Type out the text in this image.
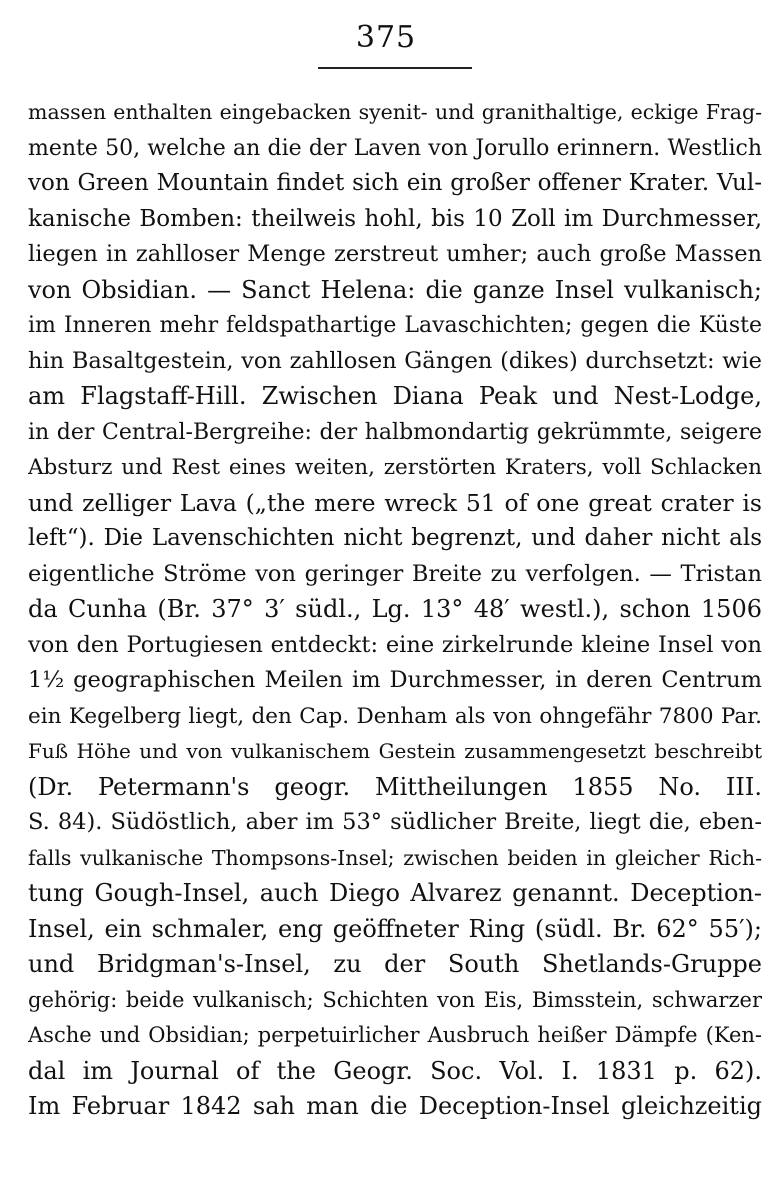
375
massen enthalten eingebacken syenit- und granithaltige, eckige Frag-
mente 50, welche an die der Laven von Jorullo erinnern. Westlich
von Green Mountain findet sich ein großer offener Krater. Vul-
kanische Bomben: theilweis hohl, bis 10 Zoll im Durchmesser,
liegen in zahlloser Menge zerstreut umher; auch große Massen
von Obsidian. — Sanct Helena: die ganze Insel vulkanisch;
im Inneren mehr feldspathartige Lavaschichten; gegen die Küste
hin Basaltgestein, von zahllosen Gängen (dikes) durchsetzt: wie
am Flagstaff-Hill. Zwischen Diana Peak und Nest-Lodge,
in der Central-Bergreihe: der halbmondartig gekrümmte, seigere
Absturz und Rest eines weiten, zerstörten Kraters, voll Schlacken
und zelliger Lava („the mere wreck 51 of one great crater is
left“). Die Lavenschichten nicht begrenzt, und daher nicht als
eigentliche Ströme von geringer Breite zu verfolgen. — Tristan
da Cunha (Br. 37° 3′ südl., Lg. 13° 48′ westl.), schon 1506
von den Portugiesen entdeckt: eine zirkelrunde kleine Insel von
1½ geographischen Meilen im Durchmesser, in deren Centrum
ein Kegelberg liegt, den Cap. Denham als von ohngefähr 7800 Par.
Fuß Höhe und von vulkanischem Gestein zusammengesetzt beschreibt
(Dr. Petermann's geogr. Mittheilungen 1855 No. III.
S. 84). Südöstlich, aber im 53° südlicher Breite, liegt die, eben-
falls vulkanische Thompsons-Insel; zwischen beiden in gleicher Rich-
tung Gough-Insel, auch Diego Alvarez genannt. Deception-
Insel, ein schmaler, eng geöffneter Ring (südl. Br. 62° 55′);
und Bridgman's-Insel, zu der South Shetlands-Gruppe
gehörig: beide vulkanisch; Schichten von Eis, Bimsstein, schwarzer
Asche und Obsidian; perpetuirlicher Ausbruch heißer Dämpfe (Ken-
dal im Journal of the Geogr. Soc. Vol. I. 1831 p. 62).
Im Februar 1842 sah man die Deception-Insel gleichzeitig
